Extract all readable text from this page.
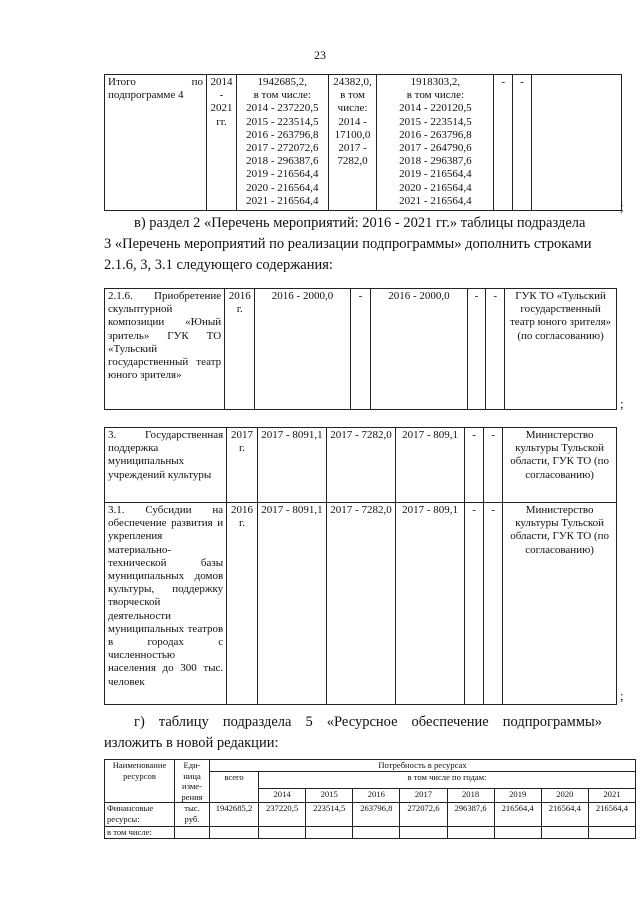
23
Итого по подпрограмме 4	2014 - 2021 гг.	1942685,2,
в том числе:
2014 - 237220,5
2015 - 223514,5
2016 - 263796,8
2017 - 272072,6
2018 - 296387,6
2019 - 216564,4
2020 - 216564,4
2021 - 216564,4	24382,0,
в том
числе:
2014 -
17100,0
2017 -
7282,0	1918303,2,
в том числе:
2014 - 220120,5
2015 - 223514,5
2016 - 263796,8
2017 - 264790,6
2018 - 296387,6
2019 - 216564,4
2020 - 216564,4
2021 - 216564,4	-	-	
;
в) раздел 2 «Перечень мероприятий: 2016 - 2021 гг.» таблицы подраздела
3 «Перечень мероприятий по реализации подпрограммы» дополнить строками
2.1.6, 3, 3.1 следующего содержания:
2.1.6. Приобретение скульптурной композиции «Юный зритель» ГУК ТО «Тульский государственный театр юного зрителя»	2016 г.	2016 - 2000,0	-	2016 - 2000,0	-	-	ГУК ТО «Тульский государственный театр юного зрителя» (по согласованию)
;
3. Государственная поддержка муниципальных учреждений культуры	2017 г.	2017 - 8091,1	2017 - 7282,0	2017 - 809,1	-	-	Министерство культуры Тульской области, ГУК ТО (по согласованию)
3.1. Субсидии на обеспечение развития и укрепления материально-технической базы муниципальных домов культуры, поддержку творческой деятельности муниципальных театров в городах с численностью населения до 300 тыс. человек	2016 г.	2017 - 8091,1	2017 - 7282,0	2017 - 809,1	-	-	Министерство культуры Тульской области, ГУК ТО (по согласованию)
;
г) таблицу подраздела 5 «Ресурсное обеспечение подпрограммы»
изложить в новой редакции:
Наименование ресурсов	Еди-ница изме-рения	Потребность в ресурсах								
		всего	в том числе по годам:							
			2014	2015	2016	2017	2018	2019	2020	2021
Финансовые ресурсы:	тыс. руб.	1942685,2	237220,5	223514,5	263796,8	272072,6	296387,6	216564,4	216564,4	216564,4
в том числе:										
